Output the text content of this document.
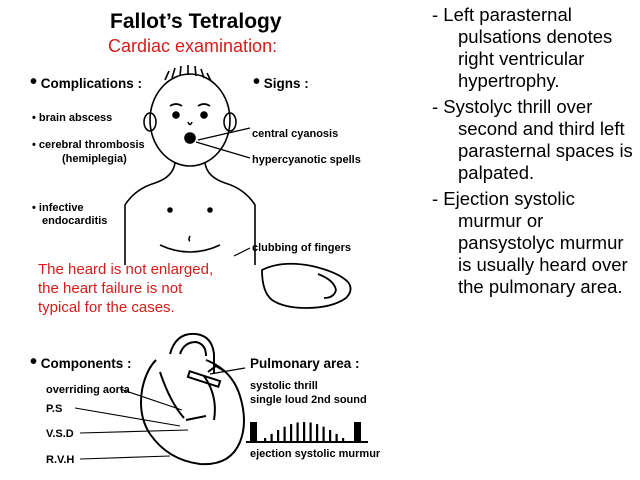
Fallot’s Tetralogy
Cardiac examination:
• Complications :
• brain abscess
• cerebral thrombosis
(hemiplegia)
• infective
endocarditis
• Signs :
central cyanosis
hypercyanotic spells
clubbing of fingers
The heard is not enlarged,
the heart failure is not
typical for the cases.
• Components :
overriding aorta
P.S
V.S.D
R.V.H
Pulmonary area :
systolic thrill
single loud 2nd sound
ejection systolic murmur
- Left parasternal pulsations denotes right ventricular hypertrophy.
- Systolyc thrill over second and third left parasternal spaces is palpated.
- Ejection systolic murmur or pansystolyc murmur is usually heard over the pulmonary area.
